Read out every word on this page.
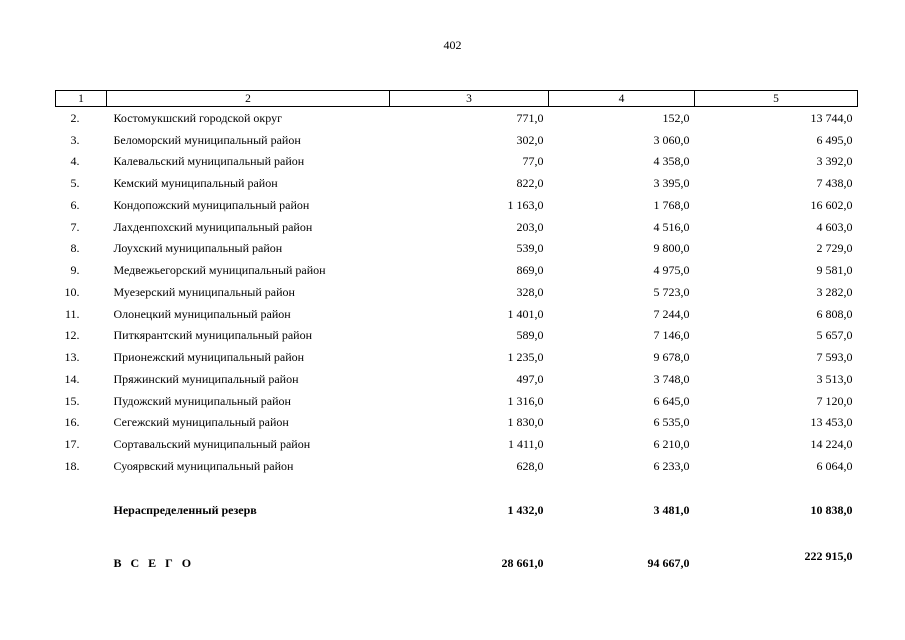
402
1	2	3	4	5
2.	Костомукшский городской округ	771,0	152,0	13 744,0
3.	Беломорский муниципальный район	302,0	3 060,0	6 495,0
4.	Калевальский муниципальный район	77,0	4 358,0	3 392,0
5.	Кемский муниципальный район	822,0	3 395,0	7 438,0
6.	Кондопожский муниципальный район	1 163,0	1 768,0	16 602,0
7.	Лахденпохский муниципальный район	203,0	4 516,0	4 603,0
8.	Лоухский муниципальный район	539,0	9 800,0	2 729,0
9.	Медвежьегорский муниципальный район	869,0	4 975,0	9 581,0
10.	Муезерский муниципальный район	328,0	5 723,0	3 282,0
11.	Олонецкий муниципальный район	1 401,0	7 244,0	6 808,0
12.	Питкярантский муниципальный район	589,0	7 146,0	5 657,0
13.	Прионежский муниципальный район	1 235,0	9 678,0	7 593,0
14.	Пряжинский муниципальный район	497,0	3 748,0	3 513,0
15.	Пудожский муниципальный район	1 316,0	6 645,0	7 120,0
16.	Сегежский муниципальный район	1 830,0	6 535,0	13 453,0
17.	Сортавальский муниципальный район	1 411,0	6 210,0	14 224,0
18.	Суоярвский муниципальный район	628,0	6 233,0	6 064,0

	Нераспределенный резерв	1 432,0	3 481,0	10 838,0
	В С Е Г О	28 661,0	94 667,0	222 915,0
